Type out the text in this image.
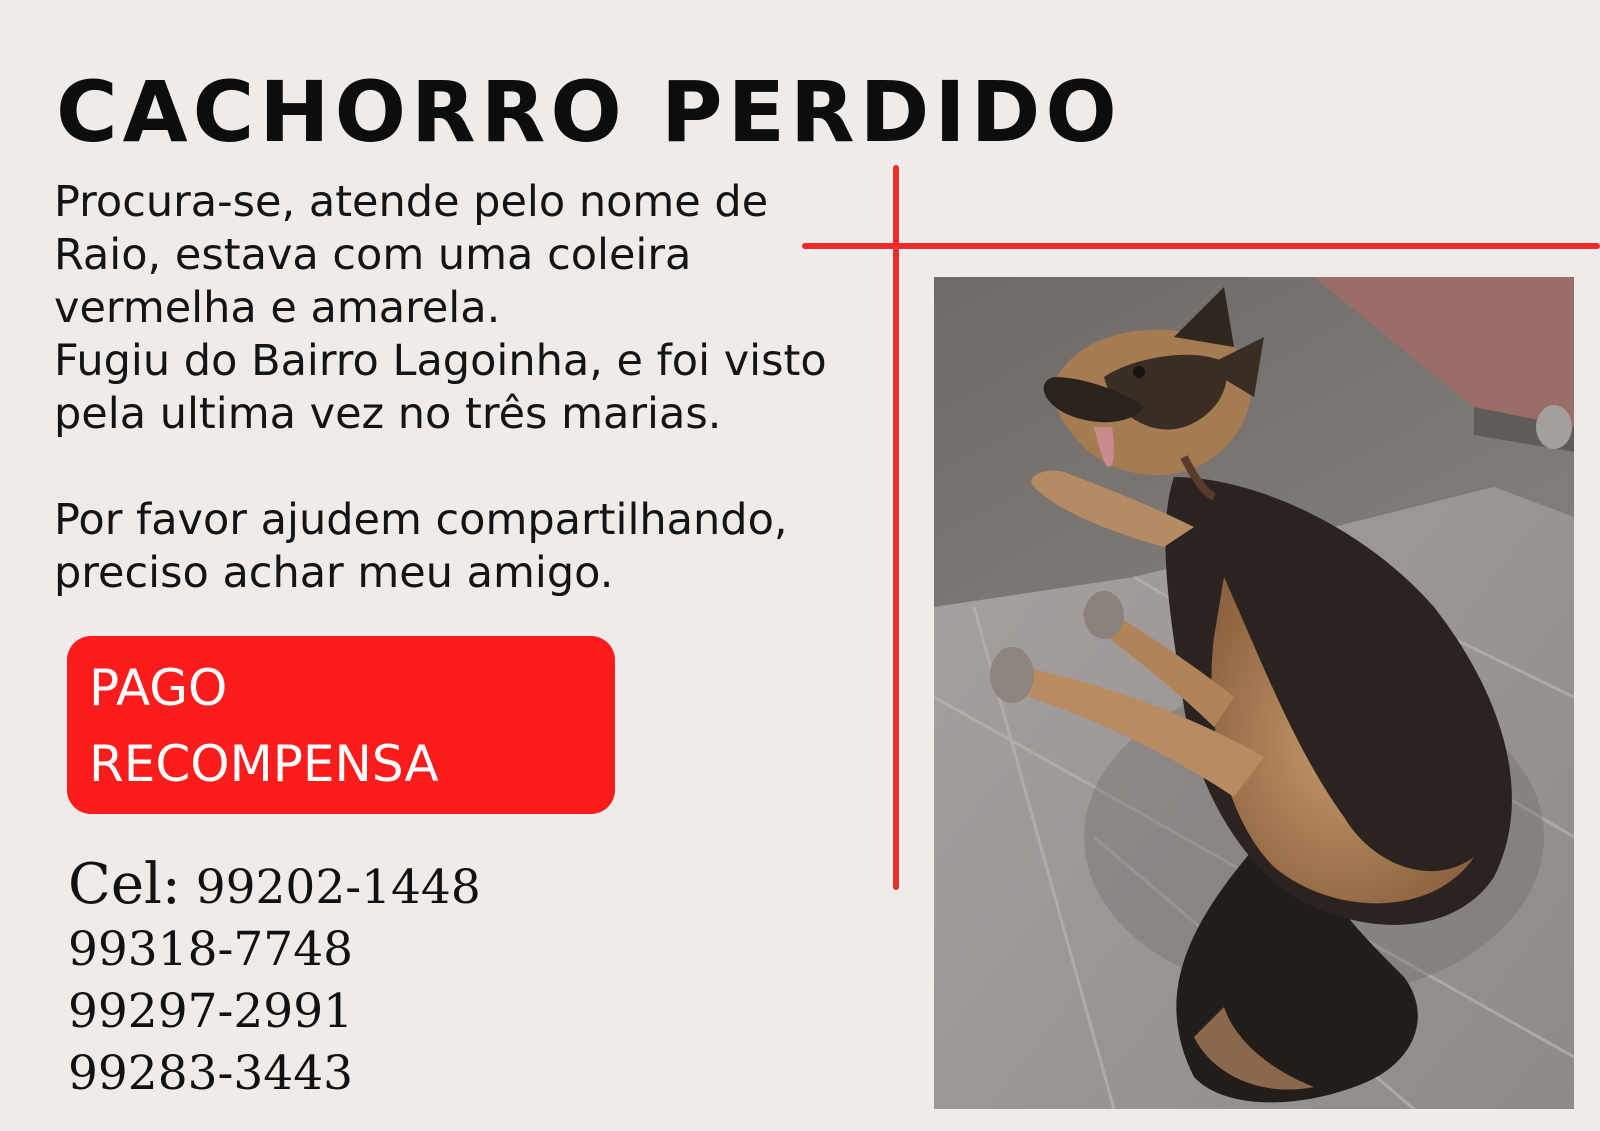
CACHORRO PERDIDO

Procura-se, atende pelo nome de
Raio, estava com uma coleira
vermelha e amarela.
Fugiu do Bairro Lagoinha, e foi visto
pela ultima vez no três marias.

Por favor ajudem compartilhando,
preciso achar meu amigo.

PAGO
RECOMPENSA
Cel: 99202-1448
99318-7748
99297-2991
99283-3443
